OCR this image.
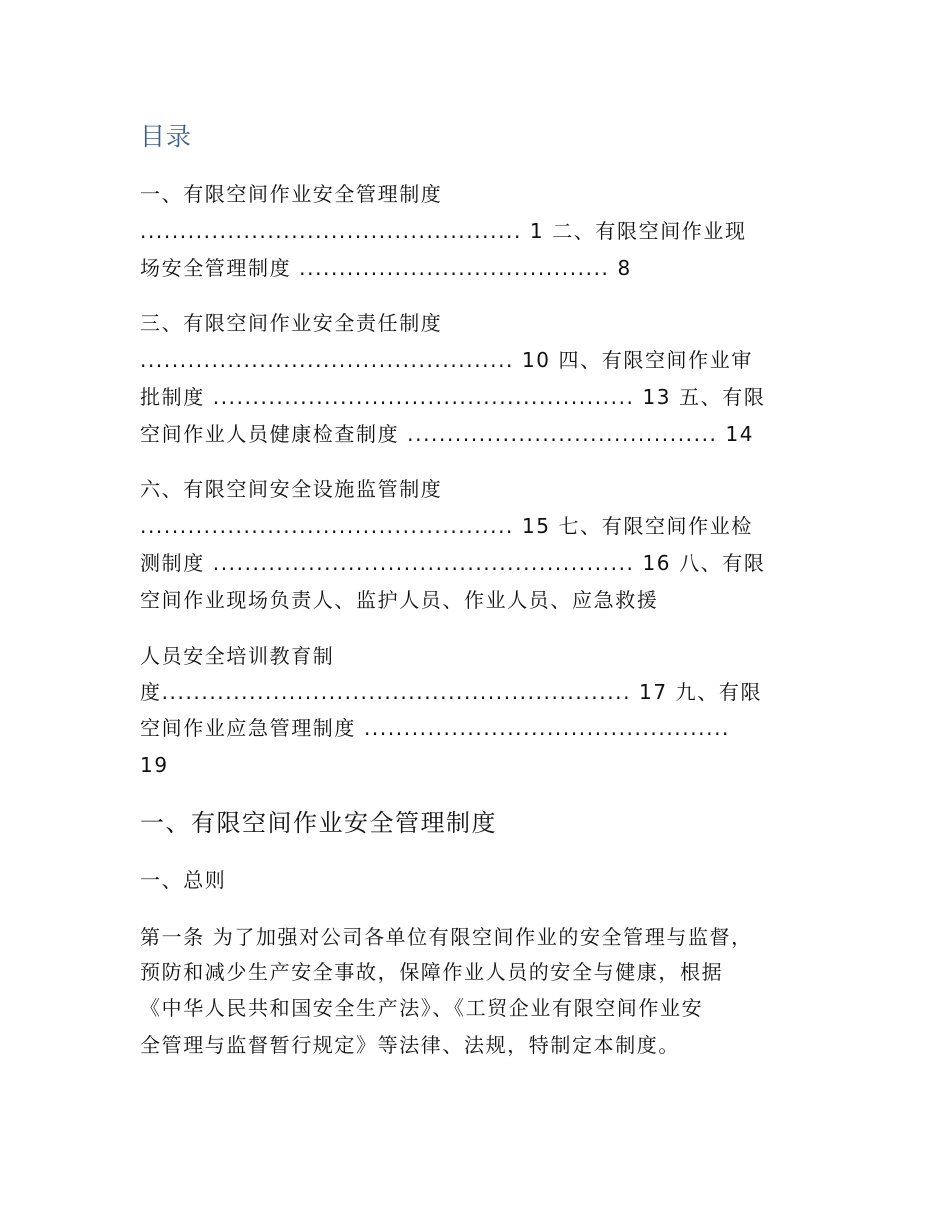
目录
一、有限空间作业安全管理制度
................................................ 1 二、有限空间作业现
场安全管理制度 ....................................... 8
三、有限空间作业安全责任制度
............................................... 10 四、有限空间作业审
批制度 ..................................................... 13 五、有限
空间作业人员健康检查制度 ....................................... 14
六、有限空间安全设施监管制度
............................................... 15 七、有限空间作业检
测制度 ..................................................... 16 八、有限
空间作业现场负责人、监护人员、作业人员、应急救援
人员安全培训教育制
度........................................................... 17 九、有限
空间作业应急管理制度 ..............................................
19
一、有限空间作业安全管理制度
一、总则
第一条 为了加强对公司各单位有限空间作业的安全管理与监督，
预防和减少生产安全事故，保障作业人员的安全与健康，根据
《中华人民共和国安全生产法》、《工贸企业有限空间作业安
全管理与监督暂行规定》等法律、法规，特制定本制度。
